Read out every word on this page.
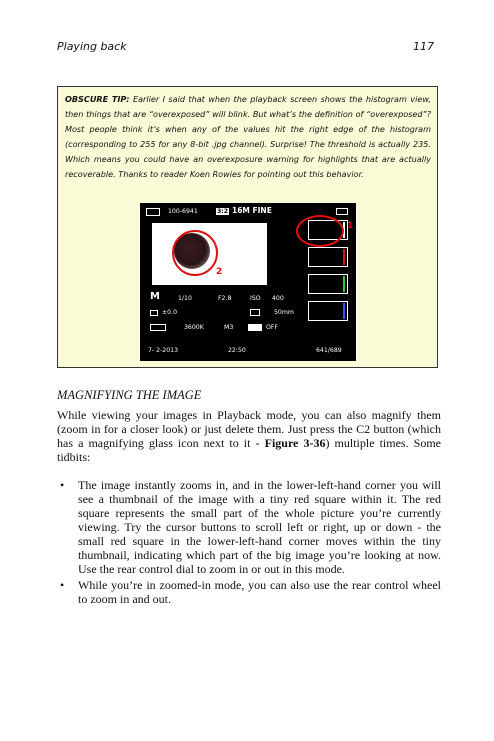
Playing back	117
OBSCURE TIP: Earlier I said that when the playback screen shows the histogram view, then things that are “overexposed” will blink. But what’s the definition of “overexposed”? Most people think it’s when any of the values hit the right edge of the histogram (corresponding to 255 for any 8-bit .jpg channel). Surprise! The threshold is actually 235. Which means you could have an overexposure warning for highlights that are actually recoverable. Thanks to reader Koen Rowies for pointing out this behavior.
100-6941	3:2 16M FINE
2
1
M	1/10	F2.8	ISO 400
±0.0	50mm
3600K	M3	OFF
7- 2-2013	22:50	641/689
MAGNIFYING THE IMAGE
While viewing your images in Playback mode, you can also magnify them (zoom in for a closer look) or just delete them. Just press the C2 button (which has a magnifying glass icon next to it - Figure 3-36) multiple times. Some tidbits:
• The image instantly zooms in, and in the lower-left-hand corner you will see a thumbnail of the image with a tiny red square within it. The red square represents the small part of the whole picture you’re currently viewing. Try the cursor buttons to scroll left or right, up or down - the small red square in the lower-left-hand corner moves within the tiny thumbnail, indicating which part of the big image you’re looking at now. Use the rear control dial to zoom in or out in this mode.
• While you’re in zoomed-in mode, you can also use the rear control wheel to zoom in and out.
